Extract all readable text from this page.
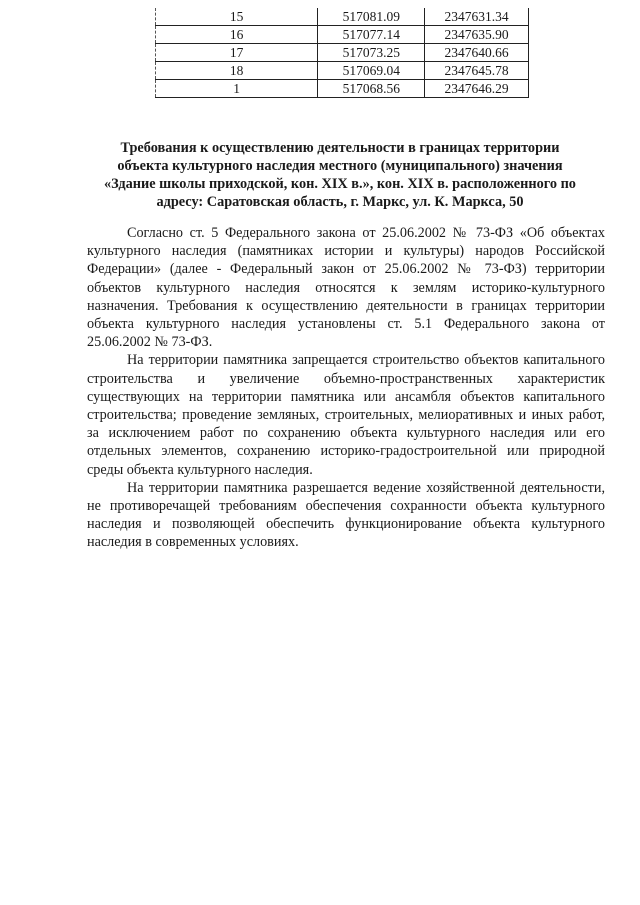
15	517081.09	2347631.34
16	517077.14	2347635.90
17	517073.25	2347640.66
18	517069.04	2347645.78
1	517068.56	2347646.29
Требования к осуществлению деятельности в границах территории
объекта культурного наследия местного (муниципального) значения
«Здание школы приходской, кон. XIX в.», кон. XIX в. расположенного по
адресу: Саратовская область, г. Маркс, ул. К. Маркса, 50

Согласно ст. 5 Федерального закона от 25.06.2002 № 73-ФЗ «Об объектах культурного наследия (памятниках истории и культуры) народов Российской Федерации» (далее - Федеральный закон от 25.06.2002 № 73-ФЗ) территории объектов культурного наследия относятся к землям историко-культурного назначения. Требования к осуществлению деятельности в границах территории объекта культурного наследия установлены ст. 5.1 Федерального закона от 25.06.2002 № 73-ФЗ.

На территории памятника запрещается строительство объектов капитального строительства и увеличение объемно-пространственных характеристик существующих на территории памятника или ансамбля объектов капитального строительства; проведение земляных, строительных, мелиоративных и иных работ, за исключением работ по сохранению объекта культурного наследия или его отдельных элементов, сохранению историко-градостроительной или природной среды объекта культурного наследия.

На территории памятника разрешается ведение хозяйственной деятельности, не противоречащей требованиям обеспечения сохранности объекта культурного наследия и позволяющей обеспечить функционирование объекта культурного наследия в современных условиях.
